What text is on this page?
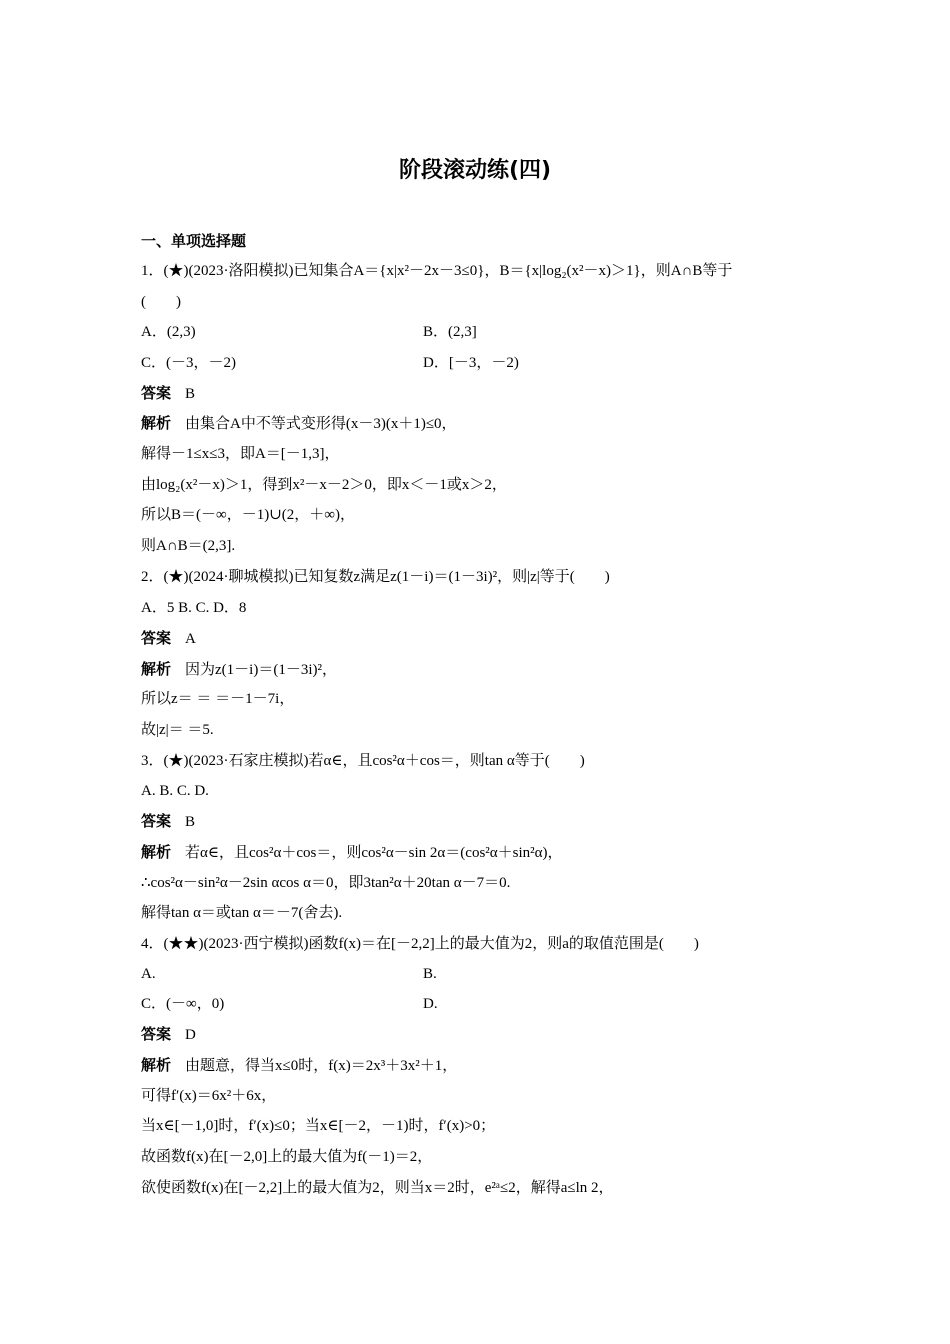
阶段滚动练(四)
一、单项选择题
1．(★)(2023·洛阳模拟)已知集合A＝{x|x²－2x－3≤0}，B＝{x|log₂(x²－x)＞1}，则A∩B等于
(　　)
A．(2,3)	B．(2,3]
C．(－3，－2)	D．[－3，－2)
答案 B
解析 由集合A中不等式变形得(x－3)(x＋1)≤0，
解得－1≤x≤3，即A＝[－1,3]，
由log₂(x²－x)＞1，得到x²－x－2＞0，即x＜－1或x＞2，
所以B＝(－∞，－1)∪(2，＋∞)，
则A∩B＝(2,3].
2．(★)(2024·聊城模拟)已知复数z满足z(1－i)＝(1－3i)²，则|z|等于(　　)
A．5 B. C. D．8
答案 A
解析 因为z(1－i)＝(1－3i)²，
所以z＝ ＝ ＝－1－7i，
故|z|＝ ＝5.
3．(★)(2023·石家庄模拟)若α∈，且cos²α＋cos＝，则tan α等于(　　)
A. B. C. D.
答案 B
解析 若α∈，且cos²α＋cos＝，则cos²α－sin 2α＝(cos²α＋sin²α)，
∴cos²α－sin²α－2sin αcos α＝0，即3tan²α＋20tan α－7＝0.
解得tan α＝或tan α＝－7(舍去).
4．(★★)(2023·西宁模拟)函数f(x)＝在[－2,2]上的最大值为2，则a的取值范围是(　　)
A.	B.
C．(－∞，0)	D.
答案 D
解析 由题意，得当x≤0时，f(x)＝2x³＋3x²＋1，
可得f′(x)＝6x²＋6x，
当x∈[－1,0]时，f′(x)≤0；当x∈[－2，－1)时，f′(x)>0；
故函数f(x)在[－2,0]上的最大值为f(－1)＝2，
欲使函数f(x)在[－2,2]上的最大值为2，则当x＝2时，e²ᵃ≤2，解得a≤ln 2，
